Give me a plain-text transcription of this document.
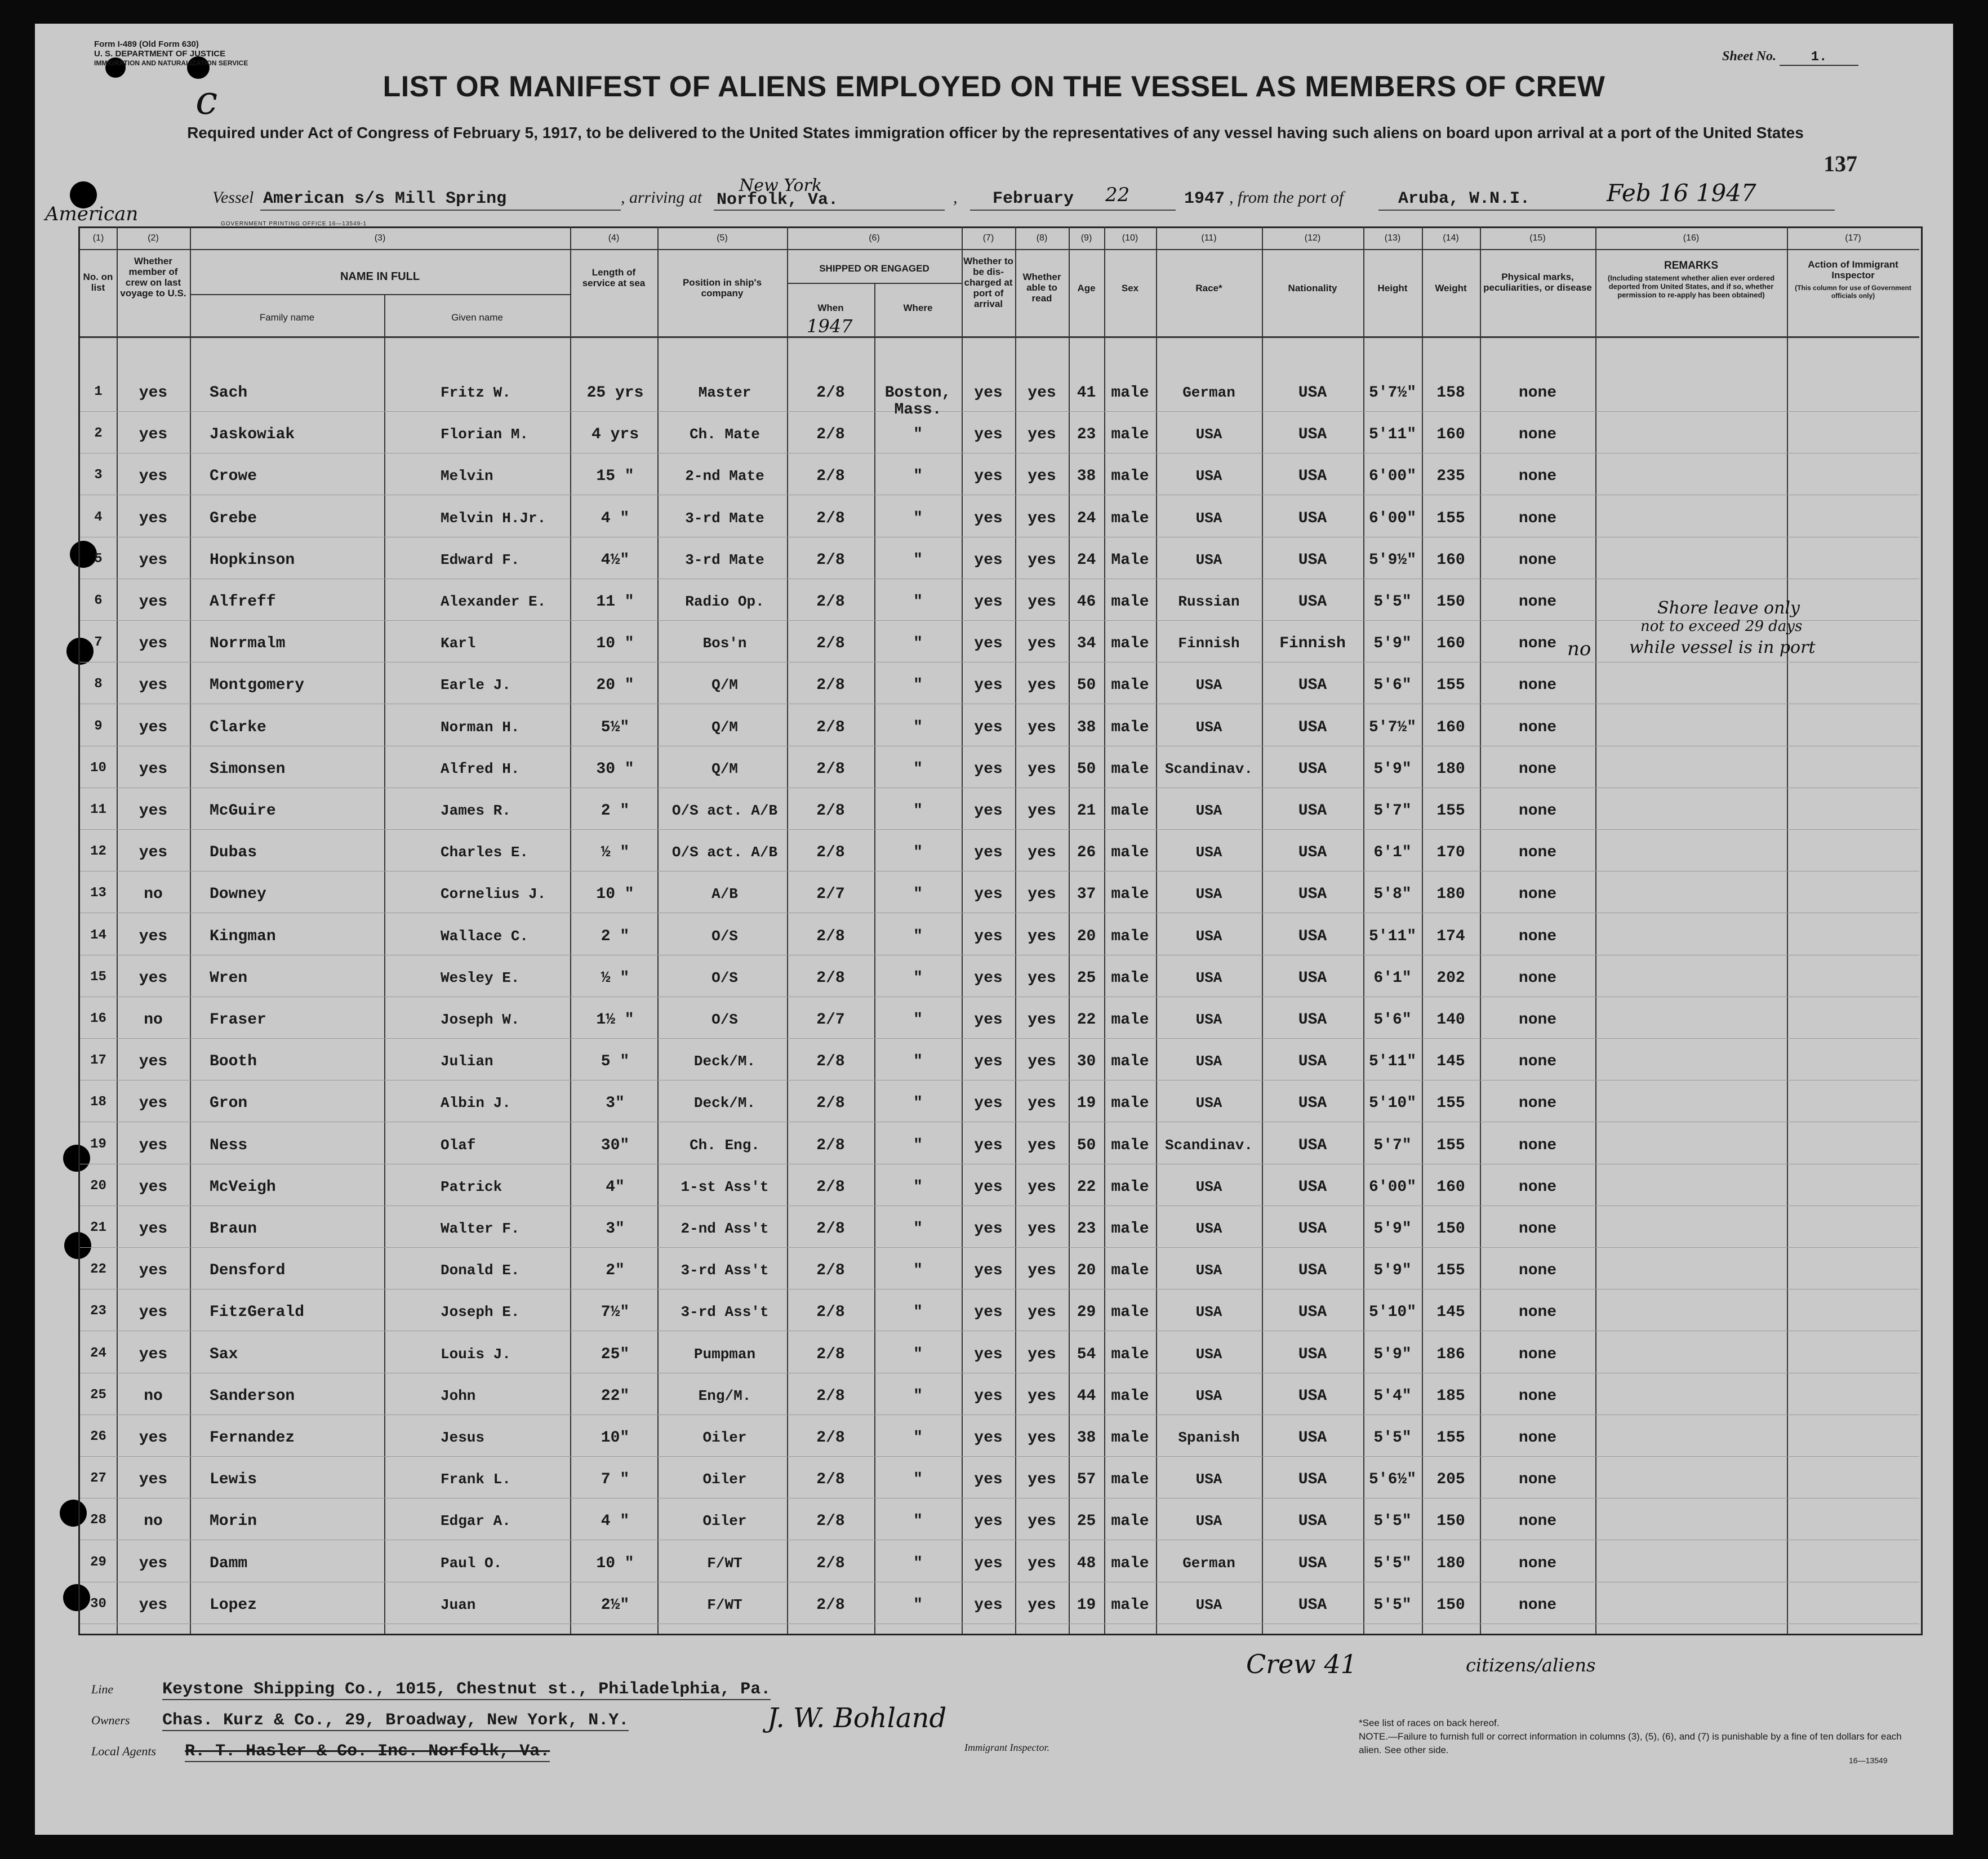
Form I-489 (Old Form 630)
U. S. DEPARTMENT OF JUSTICE
IMMIGRATION AND NATURALIZATION SERVICE
c
Sheet No.	1.
LIST OR MANIFEST OF ALIENS EMPLOYED ON THE VESSEL AS MEMBERS OF CREW
Required under Act of Congress of February 5, 1917, to be delivered to the United States immigration officer by the representatives of any vessel having such aliens on board upon arrival at a port of the United States
137
American
Vessel American s/s Mill Spring	, arriving at
New York
Norfolk, Va.	, February 22	1947 , from the port of	Aruba, W.N.I.	Feb 16 1947
GOVERNMENT PRINTING OFFICE 16—13549-1
(1)	(2)	(3)	(4)	(5)	(6)	(7)	(8)	(9)	(10)	(11)	(12)	(13)	(14)	(15)	(16)	(17)
No. on list
Whether member of crew on last voyage to U.S.
NAME IN FULL
Family name	Given name
Length of service at sea	Position in ship's company
SHIPPED OR ENGAGED
When	Where
1947
Whether to be dis-charged at port of arrival
Whether able to read
Age	Sex	Race*	Nationality	Height	Weight
Physical marks, peculiarities, or disease
REMARKS
(Including statement whether alien ever ordered deported from United States, and if so, whether permission to re-apply has been obtained)
Action of Immigrant Inspector
(This column for use of Government officials only)
1	yes	Sach	Fritz W.	25 yrs	Master	2/8	Boston,	yes	yes	41 male	German	USA	5'7½"	158	none
Mass.
2	yes	Jaskowiak	Florian M.	4 yrs	Ch. Mate	2/8	"	yes	yes	23 male	USA	USA	5'11"	160	none
3	yes	Crowe	Melvin	15 "	2-nd Mate	2/8	"	yes	yes	38 male	USA	USA	6'00"	235	none
4	yes	Grebe	Melvin H.Jr.	4 "	3-rd Mate	2/8	"	yes	yes	24 male	USA	USA	6'00"	155	none
5	yes	Hopkinson	Edward F.	4½"	3-rd Mate	2/8	"	yes	yes	24 Male	USA	USA	5'9½"	160	none
6	yes	Alfreff	Alexander E.	11 "	Radio Op.	2/8	"	yes	yes	46 male	Russian	USA	5'5"	150	none
7	yes	Norrmalm	Karl	10 "	Bos'n	2/8	"	yes	yes	34 male	Finnish	Finnish	5'9"	160	none
8	yes	Montgomery	Earle J.	20 "	Q/M	2/8	"	yes	yes	50 male	USA	USA	5'6"	155	none
9	yes	Clarke	Norman H.	5½"	Q/M	2/8	"	yes	yes	38 male	USA	USA	5'7½"	160	none
10	yes	Simonsen	Alfred H.	30 "	Q/M	2/8	"	yes	yes	50 male	Scandinav.	USA	5'9"	180	none
11	yes	McGuire	James R.	2 "	O/S act. A/B	2/8	"	yes	yes	21 male	USA	USA	5'7"	155	none
12	yes	Dubas	Charles E.	½ "	O/S act. A/B	2/8	"	yes	yes	26 male	USA	USA	6'1"	170	none
13	no	Downey	Cornelius J.	10 "	A/B	2/7	"	yes	yes	37 male	USA	USA	5'8"	180	none
14	yes	Kingman	Wallace C.	2 "	O/S	2/8	"	yes	yes	20 male	USA	USA	5'11"	174	none
15	yes	Wren	Wesley E.	½ "	O/S	2/8	"	yes	yes	25 male	USA	USA	6'1"	202	none
16	no	Fraser	Joseph W.	1½ "	O/S	2/7	"	yes	yes	22 male	USA	USA	5'6"	140	none
17	yes	Booth	Julian	5 "	Deck/M.	2/8	"	yes	yes	30 male	USA	USA	5'11"	145	none
18	yes	Gron	Albin J.	3"	Deck/M.	2/8	"	yes	yes	19 male	USA	USA	5'10"	155	none
19	yes	Ness	Olaf	30"	Ch. Eng.	2/8	"	yes	yes	50 male	Scandinav.	USA	5'7"	155	none
20	yes	McVeigh	Patrick	4"	1-st Ass't	2/8	"	yes	yes	22 male	USA	USA	6'00"	160	none
21	yes	Braun	Walter F.	3"	2-nd Ass't	2/8	"	yes	yes	23 male	USA	USA	5'9"	150	none
22	yes	Densford	Donald E.	2"	3-rd Ass't	2/8	"	yes	yes	20 male	USA	USA	5'9"	155	none
23	yes	FitzGerald	Joseph E.	7½"	3-rd Ass't	2/8	"	yes	yes	29 male	USA	USA	5'10"	145	none
24	yes	Sax	Louis J.	25"	Pumpman	2/8	"	yes	yes	54 male	USA	USA	5'9"	186	none
25	no	Sanderson	John	22"	Eng/M.	2/8	"	yes	yes	44 male	USA	USA	5'4"	185	none
26	yes	Fernandez	Jesus	10"	Oiler	2/8	"	yes	yes	38 male	Spanish	USA	5'5"	155	none
27	yes	Lewis	Frank L.	7 "	Oiler	2/8	"	yes	yes	57 male	USA	USA	5'6½"	205	none
28	no	Morin	Edgar A.	4 "	Oiler	2/8	"	yes	yes	25 male	USA	USA	5'5"	150	none
29	yes	Damm	Paul O.	10 "	F/WT	2/8	"	yes	yes	48 male	German	USA	5'5"	180	none
30	yes	Lopez	Juan	2½"	F/WT	2/8	"	yes	yes	19 male	USA	USA	5'5"	150	none
no
Shore leave only
not to exceed 29 days
while vessel is in port
Crew 41	citizens/aliens
Line	Keystone Shipping Co., 1015, Chestnut st., Philadelphia, Pa.
Owners Chas. Kurz & Co., 29, Broadway, New York, N.Y.
Local Agents R. T. Hasler & Co. Inc. Norfolk, Va.
J. W. Bohland
Immigrant Inspector.
*See list of races on back hereof.
NOTE.—Failure to furnish full or correct information in columns (3), (5), (6), and (7) is punishable by a fine of ten dollars for each alien. See other side.
16—13549
